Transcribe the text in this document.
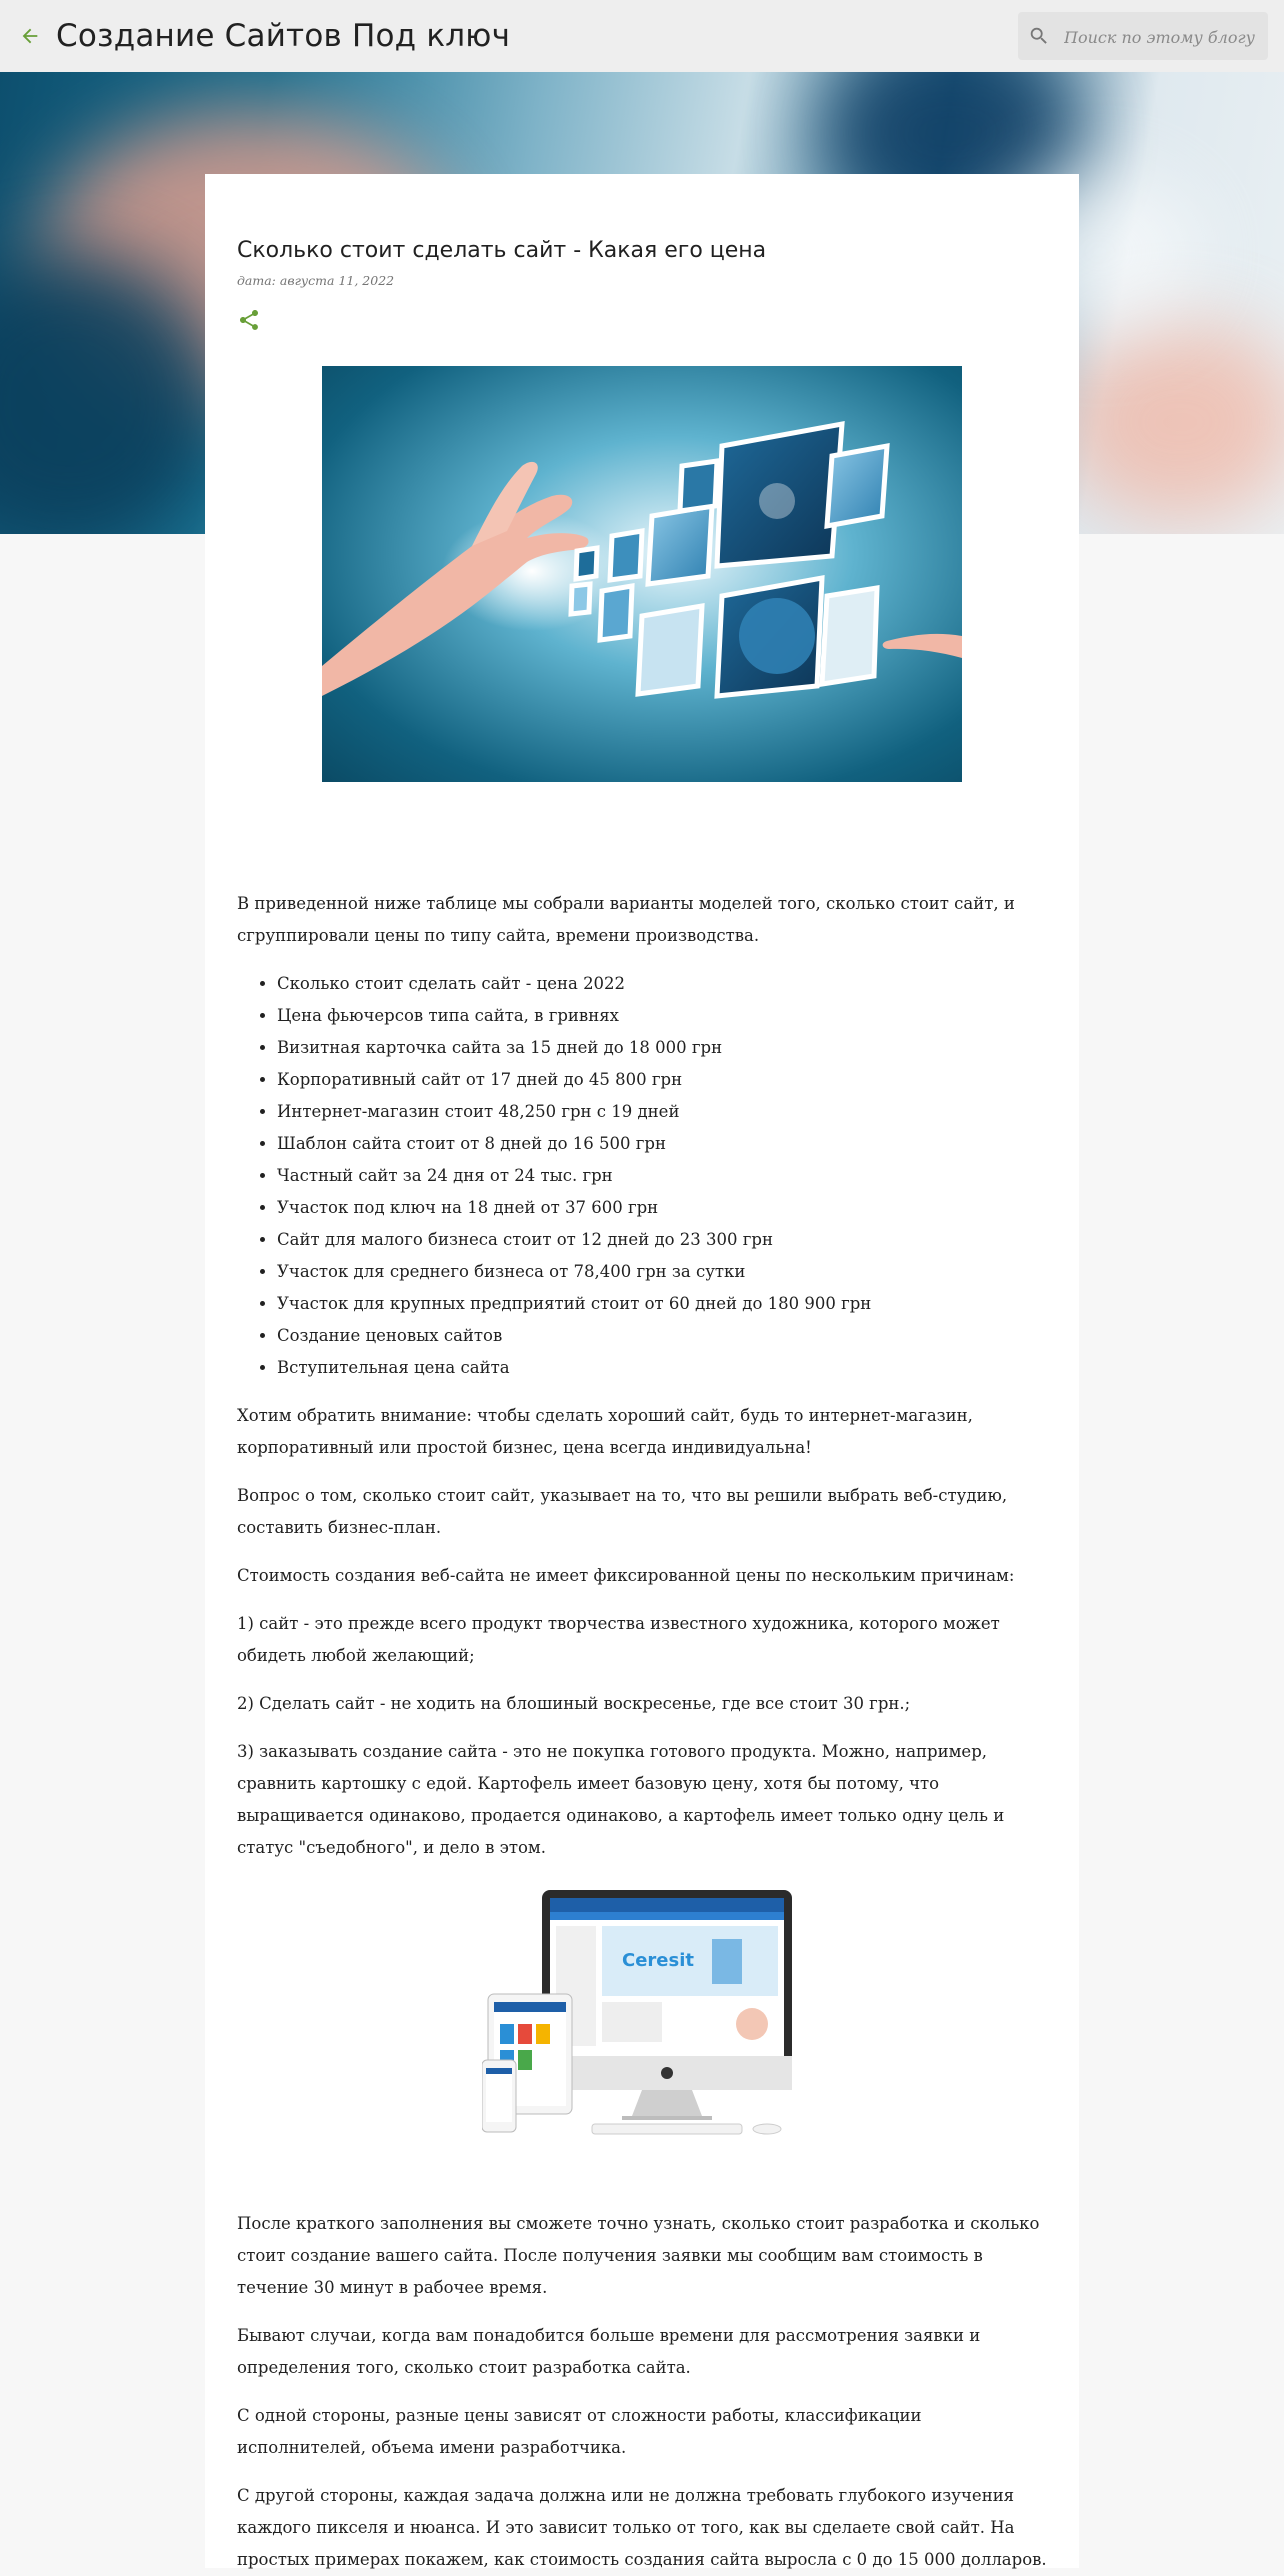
Создание Сайтов Под ключ
Поиск по этому блогу
Сколько стоит сделать сайт - Какая его цена
дата: августа 11, 2022

В приведенной ниже таблице мы собрали варианты моделей того, сколько стоит сайт, и сгруппировали цены по типу сайта, времени производства.

• Сколько стоит сделать сайт - цена 2022
• Цена фьючерсов типа сайта, в гривнях
• Визитная карточка сайта за 15 дней до 18 000 грн
• Корпоративный сайт от 17 дней до 45 800 грн
• Интернет-магазин стоит 48,250 грн с 19 дней
• Шаблон сайта стоит от 8 дней до 16 500 грн
• Частный сайт за 24 дня от 24 тыс. грн
• Участок под ключ на 18 дней от 37 600 грн
• Сайт для малого бизнеса стоит от 12 дней до 23 300 грн
• Участок для среднего бизнеса от 78,400 грн за сутки
• Участок для крупных предприятий стоит от 60 дней до 180 900 грн
• Создание ценовых сайтов
• Вступительная цена сайта

Хотим обратить внимание: чтобы сделать хороший сайт, будь то интернет-магазин, корпоративный или простой бизнес, цена всегда индивидуальна!

Вопрос о том, сколько стоит сайт, указывает на то, что вы решили выбрать веб-студию, составить бизнес-план.

Стоимость создания веб-сайта не имеет фиксированной цены по нескольким причинам:

1) сайт - это прежде всего продукт творчества известного художника, которого может обидеть любой желающий;

2) Сделать сайт - не ходить на блошиный воскресенье, где все стоит 30 грн.;

3) заказывать создание сайта - это не покупка готового продукта. Можно, например, сравнить картошку с едой. Картофель имеет базовую цену, хотя бы потому, что выращивается одинаково, продается одинаково, а картофель имеет только одну цель и статус "съедобного", и дело в этом.

Ceresit

После краткого заполнения вы сможете точно узнать, сколько стоит разработка и сколько стоит создание вашего сайта. После получения заявки мы сообщим вам стоимость в течение 30 минут в рабочее время.

Бывают случаи, когда вам понадобится больше времени для рассмотрения заявки и определения того, сколько стоит разработка сайта.

С одной стороны, разные цены зависят от сложности работы, классификации исполнителей, объема имени разработчика.

С другой стороны, каждая задача должна или не должна требовать глубокого изучения каждого пикселя и нюанса. И это зависит только от того, как вы сделаете свой сайт. На простых примерах покажем, как стоимость создания сайта выросла с 0 до 15 000 долларов.
